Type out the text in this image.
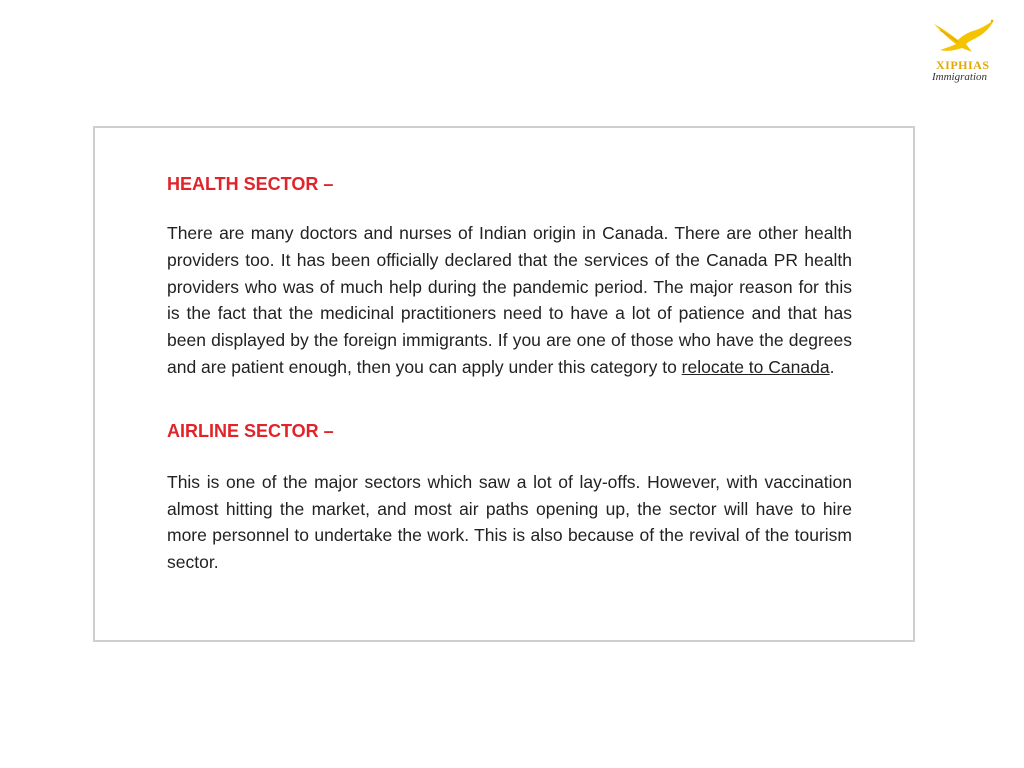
XIPHIAS
Immigration
HEALTH SECTOR –

There are many doctors and nurses of Indian origin in Canada. There are other health providers too. It has been officially declared that the services of the Canada PR health providers who was of much help during the pandemic period. The major reason for this is the fact that the medicinal practitioners need to have a lot of patience and that has been displayed by the foreign immigrants. If you are one of those who have the degrees and are patient enough, then you can apply under this category to relocate to Canada.

AIRLINE SECTOR –

This is one of the major sectors which saw a lot of lay-offs. However, with vaccination almost hitting the market, and most air paths opening up, the sector will have to hire more personnel to undertake the work. This is also because of the revival of the tourism sector.
